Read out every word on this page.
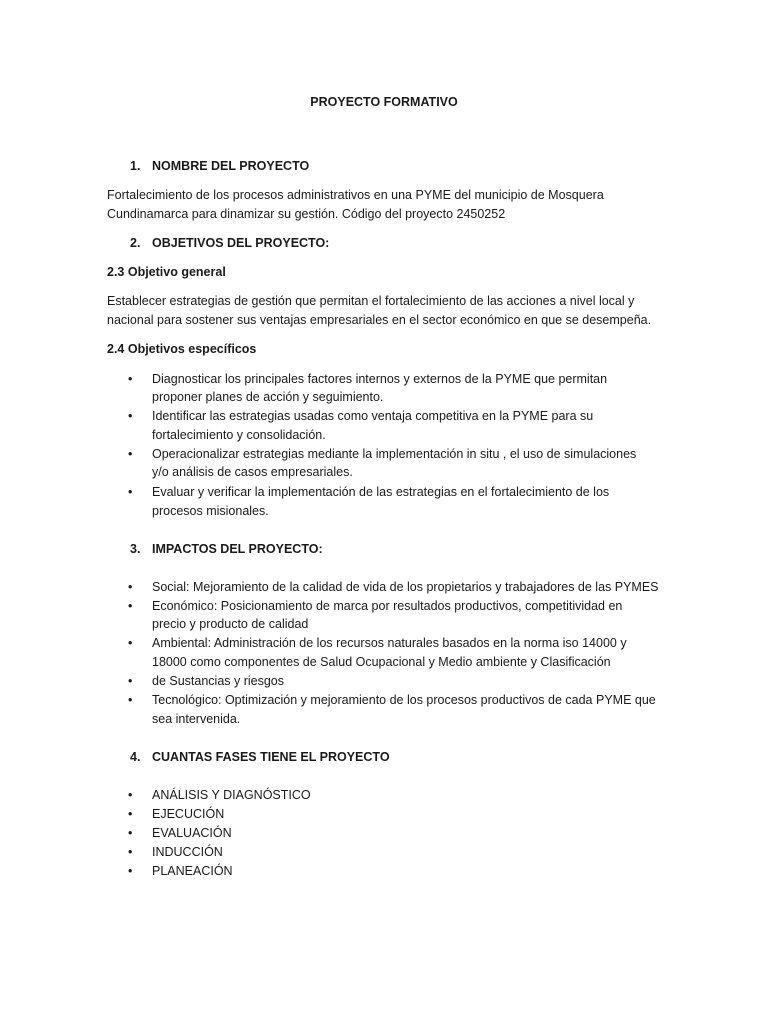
PROYECTO FORMATIVO

1. NOMBRE DEL PROYECTO

Fortalecimiento de los procesos administrativos en una PYME del municipio de Mosquera

Cundinamarca para dinamizar su gestión. Código del proyecto 2450252

2. OBJETIVOS DEL PROYECTO:

2.3 Objetivo general

Establecer estrategias de gestión que permitan el fortalecimiento de las acciones a nivel local y

nacional para sostener sus ventajas empresariales en el sector económico en que se desempeña.

2.4 Objetivos específicos

• Diagnosticar los principales factores internos y externos de la PYME que permitan

proponer planes de acción y seguimiento.

• Identificar las estrategias usadas como ventaja competitiva en la PYME para su

fortalecimiento y consolidación.

• Operacionalizar estrategias mediante la implementación in situ , el uso de simulaciones

y/o análisis de casos empresariales.

• Evaluar y verificar la implementación de las estrategias en el fortalecimiento de los

procesos misionales.

3. IMPACTOS DEL PROYECTO:

• Social: Mejoramiento de la calidad de vida de los propietarios y trabajadores de las PYMES

• Económico: Posicionamiento de marca por resultados productivos, competitividad en

precio y producto de calidad

• Ambiental: Administración de los recursos naturales basados en la norma iso 14000 y

18000 como componentes de Salud Ocupacional y Medio ambiente y Clasificación

• de Sustancias y riesgos

• Tecnológico: Optimización y mejoramiento de los procesos productivos de cada PYME que

sea intervenida.

4. CUANTAS FASES TIENE EL PROYECTO

• ANÁLISIS Y DIAGNÓSTICO

• EJECUCIÓN

• EVALUACIÓN

• INDUCCIÓN

• PLANEACIÓN
